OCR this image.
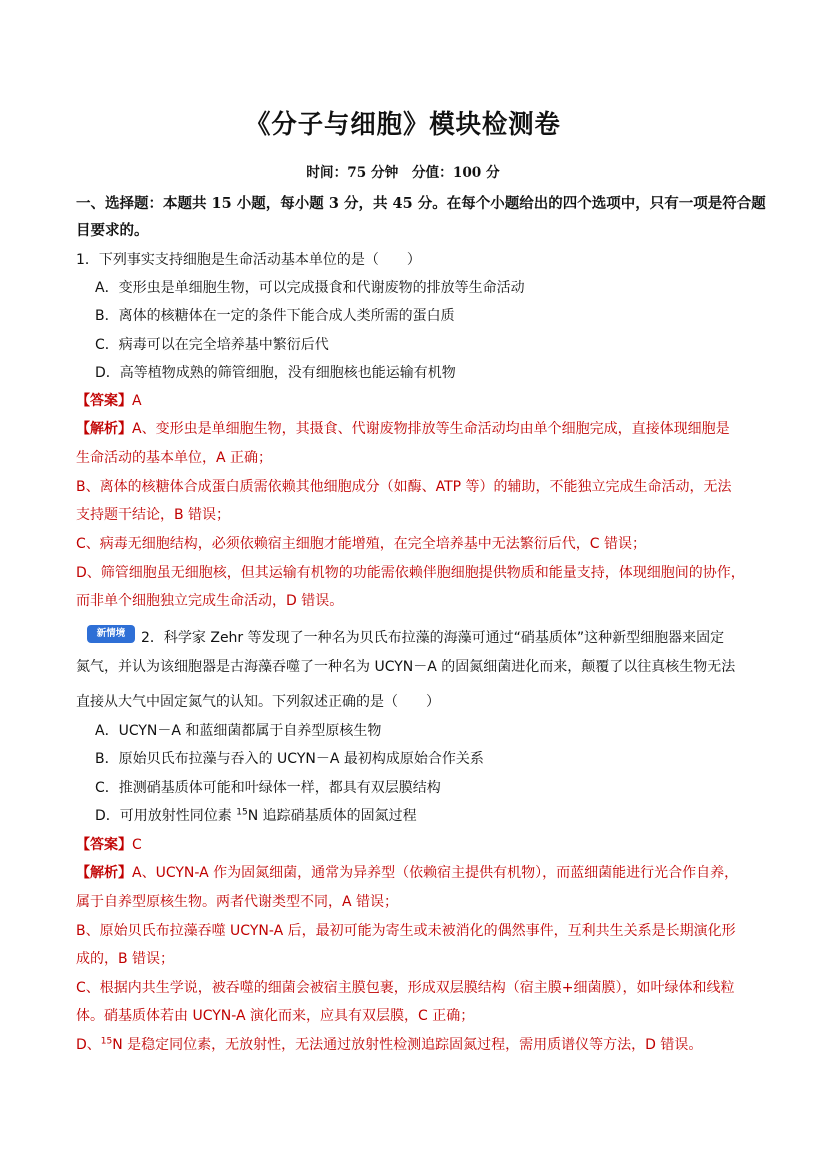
《分子与细胞》模块检测卷
时间：75 分钟　分值：100 分
一、选择题：本题共 15 小题，每小题 3 分，共 45 分。在每个小题给出的四个选项中，只有一项是符合题
目要求的。
1．下列事实支持细胞是生命活动基本单位的是（　　）
A．变形虫是单细胞生物，可以完成摄食和代谢废物的排放等生命活动
B．离体的核糖体在一定的条件下能合成人类所需的蛋白质
C．病毒可以在完全培养基中繁衍后代
D．高等植物成熟的筛管细胞，没有细胞核也能运输有机物
【答案】A
【解析】A、变形虫是单细胞生物，其摄食、代谢废物排放等生命活动均由单个细胞完成，直接体现细胞是
生命活动的基本单位，A 正确；
B、离体的核糖体合成蛋白质需依赖其他细胞成分（如酶、ATP 等）的辅助，不能独立完成生命活动，无法
支持题干结论，B 错误；
C、病毒无细胞结构，必须依赖宿主细胞才能增殖，在完全培养基中无法繁衍后代，C 错误；
D、筛管细胞虽无细胞核，但其运输有机物的功能需依赖伴胞细胞提供物质和能量支持，体现细胞间的协作，
而非单个细胞独立完成生命活动，D 错误。
新情境	2．科学家 Zehr 等发现了一种名为贝氏布拉藻的海藻可通过“硝基质体”这种新型细胞器来固定
氮气，并认为该细胞器是古海藻吞噬了一种名为 UCYN－A 的固氮细菌进化而来，颠覆了以往真核生物无法
直接从大气中固定氮气的认知。下列叙述正确的是（　　）
A．UCYN－A 和蓝细菌都属于自养型原核生物
B．原始贝氏布拉藻与吞入的 UCYN－A 最初构成原始合作关系
C．推测硝基质体可能和叶绿体一样，都具有双层膜结构
D．可用放射性同位素 $^{15}$N 追踪硝基质体的固氮过程
【答案】C
【解析】A、UCYN-A 作为固氮细菌，通常为异养型（依赖宿主提供有机物），而蓝细菌能进行光合作自养，
属于自养型原核生物。两者代谢类型不同，A 错误；
B、原始贝氏布拉藻吞噬 UCYN-A 后，最初可能为寄生或未被消化的偶然事件，互利共生关系是长期演化形
成的，B 错误；
C、根据内共生学说，被吞噬的细菌会被宿主膜包裹，形成双层膜结构（宿主膜+细菌膜），如叶绿体和线粒
体。硝基质体若由 UCYN-A 演化而来，应具有双层膜，C 正确；
D、$^{15}$N 是稳定同位素，无放射性，无法通过放射性检测追踪固氮过程，需用质谱仪等方法，D 错误。
